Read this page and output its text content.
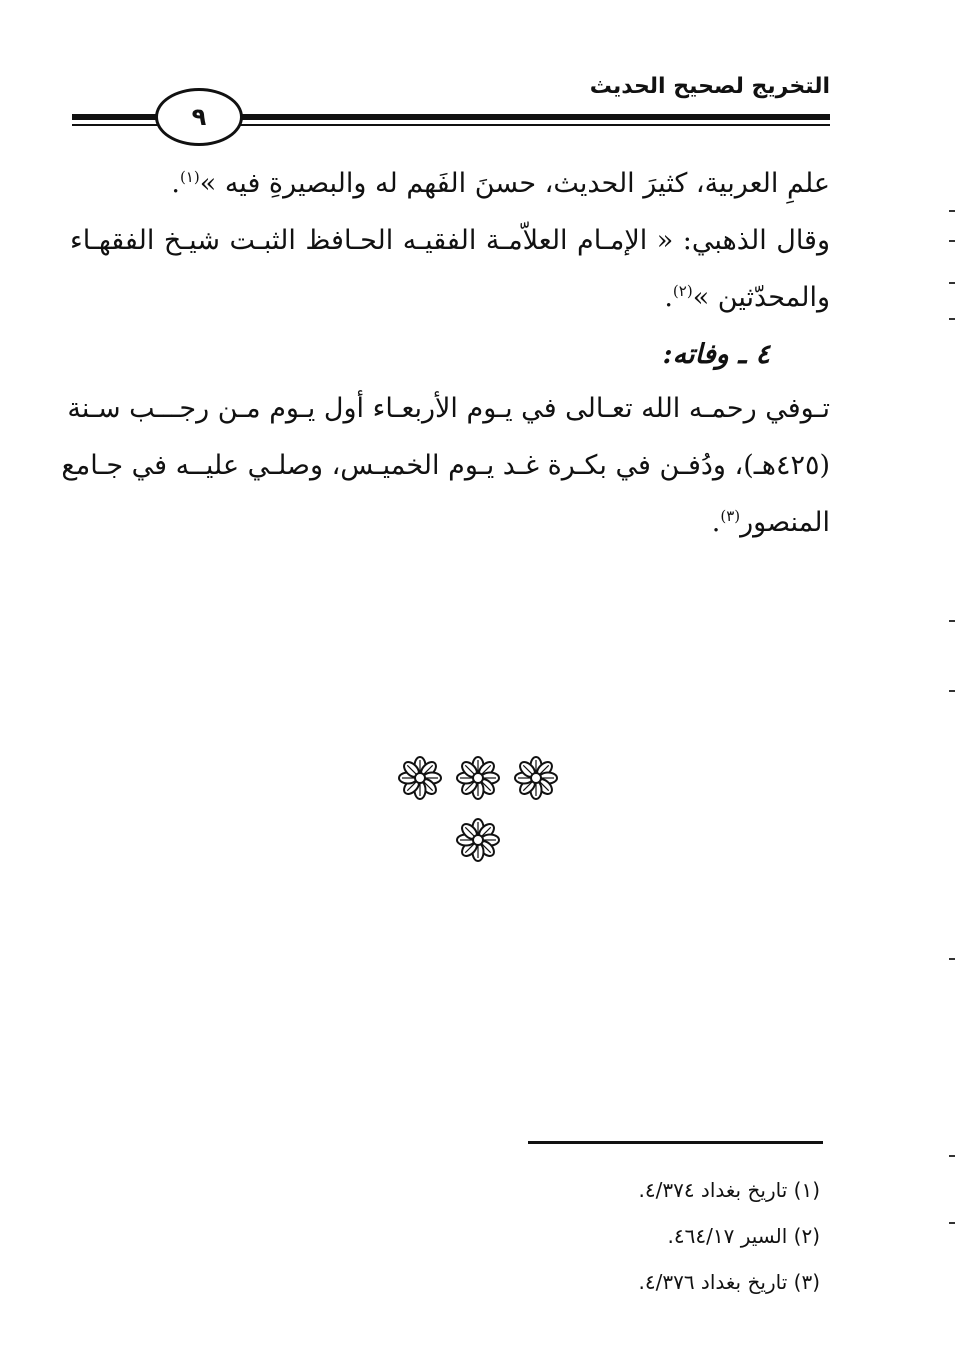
التخريج لصحيح الحديث
٩
علمِ العربية، كثيرَ الحديث، حسنَ الفَهم له والبصيرةِ فيه »$^{(١)}$.
وقال الذهبي: « الإمـام العلاّمـة الفقيـه الحـافظ الثبـت شيـخ الفقهـاء
والمحدّثين »$^{(٢)}$.
٤ ـ وفاته:
تـوفي رحمـه الله تعـالى في يـوم الأربعـاء أول يـوم مـن رجـــب سـنة
(٤٢٥هـ)، ودُفـن في بكـرة غـد يـوم الخميـس، وصلـي عليــه في جـامع
المنصور$^{(٣)}$.
(١) تاريخ بغداد ٤/٣٧٤.
(٢) السير ٤٦٤/١٧.
(٣) تاريخ بغداد ٤/٣٧٦.
